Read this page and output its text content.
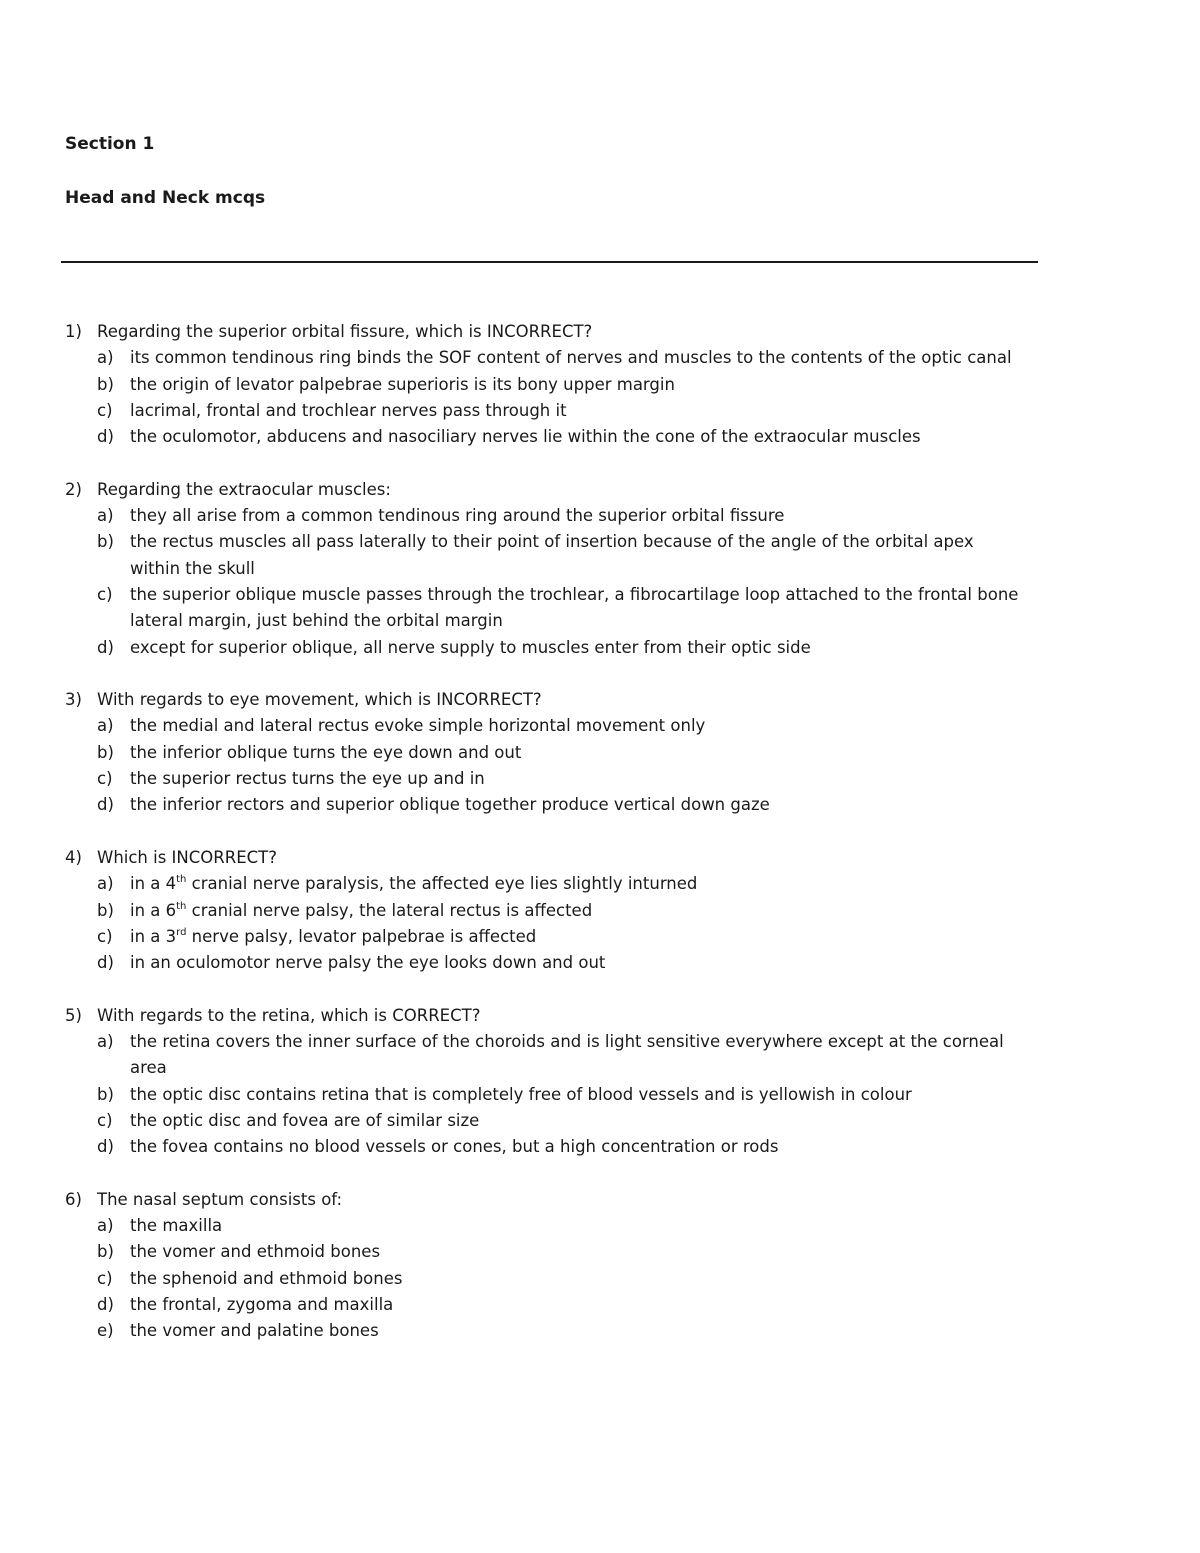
Section 1
Head and Neck mcqs
1) Regarding the superior orbital fissure, which is INCORRECT?
a) its common tendinous ring binds the SOF content of nerves and muscles to the contents of the optic canal
b) the origin of levator palpebrae superioris is its bony upper margin
c) lacrimal, frontal and trochlear nerves pass through it
d) the oculomotor, abducens and nasociliary nerves lie within the cone of the extraocular muscles
2) Regarding the extraocular muscles:
a) they all arise from a common tendinous ring around the superior orbital fissure
b) the rectus muscles all pass laterally to their point of insertion because of the angle of the orbital apex within the skull
c) the superior oblique muscle passes through the trochlear, a fibrocartilage loop attached to the frontal bone lateral margin, just behind the orbital margin
d) except for superior oblique, all nerve supply to muscles enter from their optic side
3) With regards to eye movement, which is INCORRECT?
a) the medial and lateral rectus evoke simple horizontal movement only
b) the inferior oblique turns the eye down and out
c) the superior rectus turns the eye up and in
d) the inferior rectors and superior oblique together produce vertical down gaze
4) Which is INCORRECT?
a) in a 4th cranial nerve paralysis, the affected eye lies slightly inturned
b) in a 6th cranial nerve palsy, the lateral rectus is affected
c) in a 3rd nerve palsy, levator palpebrae is affected
d) in an oculomotor nerve palsy the eye looks down and out
5) With regards to the retina, which is CORRECT?
a) the retina covers the inner surface of the choroids and is light sensitive everywhere except at the corneal area
b) the optic disc contains retina that is completely free of blood vessels and is yellowish in colour
c) the optic disc and fovea are of similar size
d) the fovea contains no blood vessels or cones, but a high concentration or rods
6) The nasal septum consists of:
a) the maxilla
b) the vomer and ethmoid bones
c) the sphenoid and ethmoid bones
d) the frontal, zygoma and maxilla
e) the vomer and palatine bones
